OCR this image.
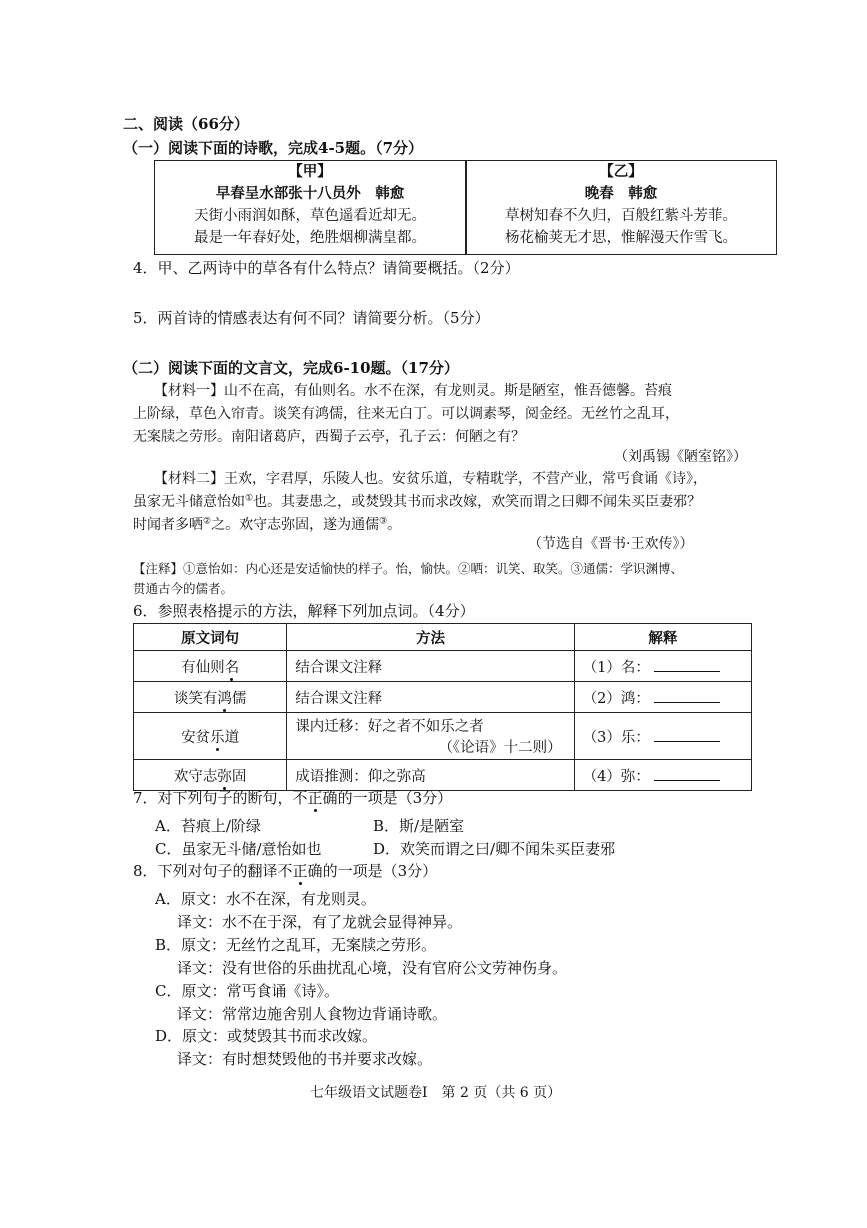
二、阅读（66分）
（一）阅读下面的诗歌，完成4-5题。（7分）
【甲】
早春呈水部张十八员外　韩愈
天街小雨润如酥，草色遥看近却无。
最是一年春好处，绝胜烟柳满皇都。
【乙】
晚春　韩愈
草树知春不久归，百般红紫斗芳菲。
杨花榆荚无才思，惟解漫天作雪飞。
4．甲、乙两诗中的草各有什么特点？请简要概括。（2分）
5．两首诗的情感表达有何不同？请简要分析。（5分）
（二）阅读下面的文言文，完成6-10题。（17分）
【材料一】山不在高，有仙则名。水不在深，有龙则灵。斯是陋室，惟吾德馨。苔痕
上阶绿，草色入帘青。谈笑有鸿儒，往来无白丁。可以调素琴，阅金经。无丝竹之乱耳，
无案牍之劳形。南阳诸葛庐，西蜀子云亭，孔子云：何陋之有？
（刘禹锡《陋室铭》）
【材料二】王欢，字君厚，乐陵人也。安贫乐道，专精耽学，不营产业，常丐食诵《诗》，
虽家无斗储意怡如①也。其妻患之，或焚毁其书而求改嫁，欢笑而谓之曰卿不闻朱买臣妻邪？
时闻者多哂②之。欢守志弥固，遂为通儒③。
（节选自《晋书·王欢传》）
【注释】①意怡如：内心还是安适愉快的样子。怡，愉快。②哂：讥笑、取笑。③通儒：学识渊博、
贯通古今的儒者。
6．参照表格提示的方法，解释下列加点词。（4分）
原文词句	方法	解释
有仙则名	结合课文注释	（1）名：
谈笑有鸿儒	结合课文注释	（2）鸿：
安贫乐道	课内迁移：好之者不如乐之者
（《论语》十二则）	（3）乐：
欢守志弥固	成语推测：仰之弥高	（4）弥：
7．对下列句子的断句，不正确的一项是（3分）
A．苔痕上/阶绿	B．斯/是陋室
C．虽家无斗储/意怡如也	D．欢笑而谓之曰/卿不闻朱买臣妻邪
8．下列对句子的翻译不正确的一项是（3分）
A．原文：水不在深，有龙则灵。
译文：水不在于深，有了龙就会显得神异。
B．原文：无丝竹之乱耳，无案牍之劳形。
译文：没有世俗的乐曲扰乱心境，没有官府公文劳神伤身。
C．原文：常丐食诵《诗》。
译文：常常边施舍别人食物边背诵诗歌。
D．原文：或焚毁其书而求改嫁。
译文：有时想焚毁他的书并要求改嫁。
七年级语文试题卷Ⅰ　第 2 页（共 6 页）
